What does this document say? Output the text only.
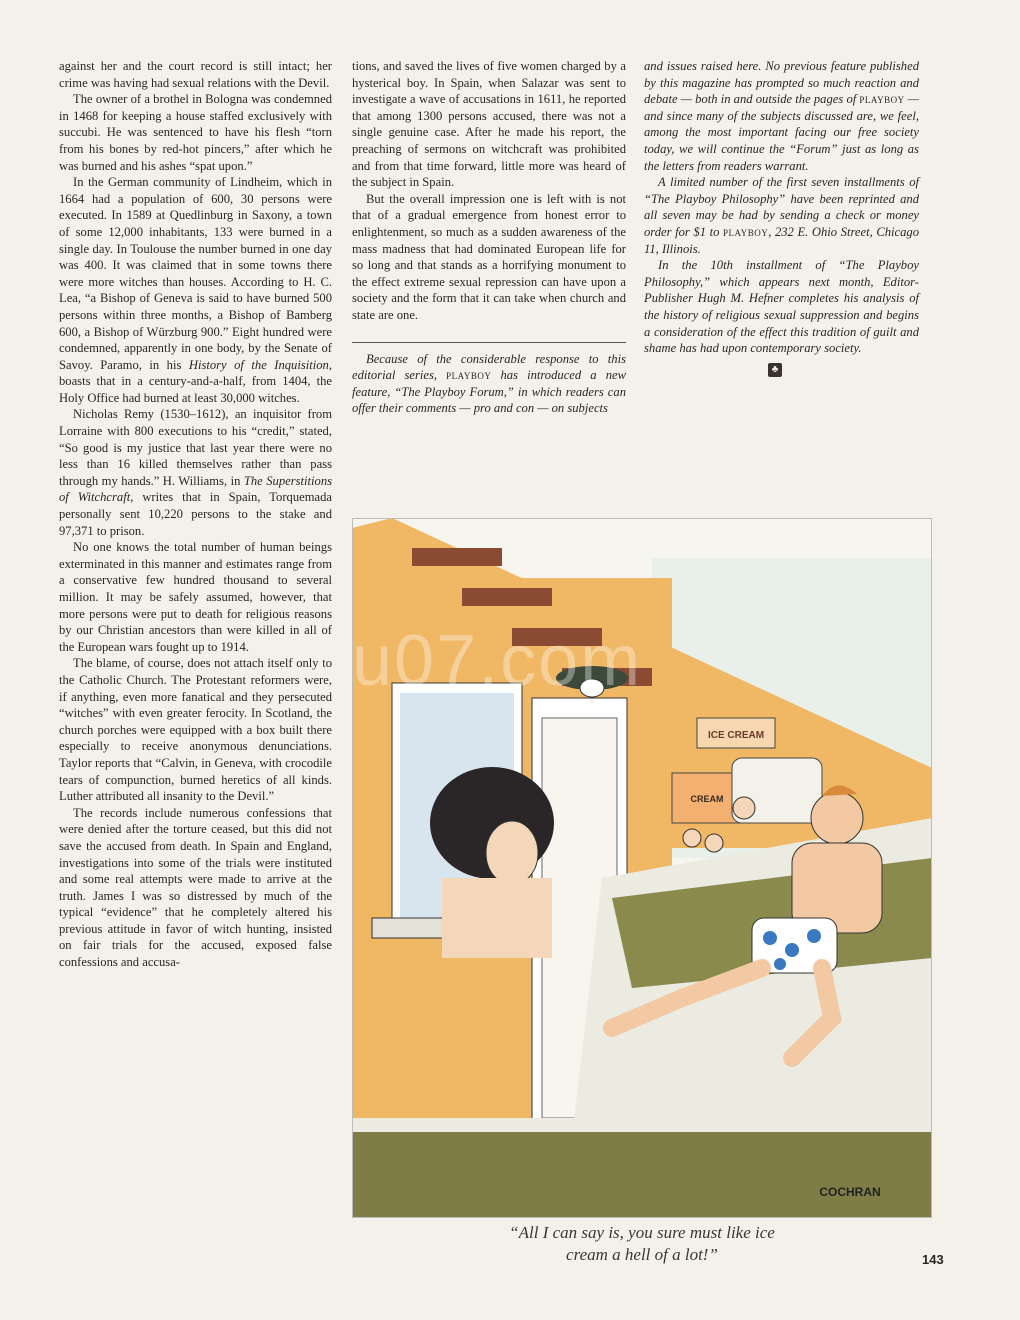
against her and the court record is still intact; her crime was having had sexual relations with the Devil.

The owner of a brothel in Bologna was condemned in 1468 for keeping a house staffed exclusively with succubi. He was sentenced to have his flesh “torn from his bones by red-hot pincers,” after which he was burned and his ashes “spat upon.”

In the German community of Lindheim, which in 1664 had a population of 600, 30 persons were executed. In 1589 at Quedlinburg in Saxony, a town of some 12,000 inhabitants, 133 were burned in a single day. In Toulouse the number burned in one day was 400. It was claimed that in some towns there were more witches than houses. According to H. C. Lea, “a Bishop of Geneva is said to have burned 500 persons within three months, a Bishop of Bamberg 600, a Bishop of Würzburg 900.” Eight hundred were condemned, apparently in one body, by the Senate of Savoy. Paramo, in his History of the Inquisition, boasts that in a century-and-a-half, from 1404, the Holy Office had burned at least 30,000 witches.

Nicholas Remy (1530–1612), an inquisitor from Lorraine with 800 executions to his “credit,” stated, “So good is my justice that last year there were no less than 16 killed themselves rather than pass through my hands.” H. Williams, in The Superstitions of Witchcraft, writes that in Spain, Torquemada personally sent 10,220 persons to the stake and 97,371 to prison.

No one knows the total number of human beings exterminated in this manner and estimates range from a conservative few hundred thousand to several million. It may be safely assumed, however, that more persons were put to death for religious reasons by our Christian ancestors than were killed in all of the European wars fought up to 1914.

The blame, of course, does not attach itself only to the Catholic Church. The Protestant reformers were, if anything, even more fanatical and they persecuted “witches” with even greater ferocity. In Scotland, the church porches were equipped with a box built there especially to receive anonymous denunciations. Taylor reports that “Calvin, in Geneva, with crocodile tears of compunction, burned heretics of all kinds. Luther attributed all insanity to the Devil.”

The records include numerous confessions that were denied after the torture ceased, but this did not save the accused from death. In Spain and England, investigations into some of the trials were instituted and some real attempts were made to arrive at the truth. James I was so distressed by much of the typical “evidence” that he completely altered his previous attitude in favor of witch hunting, insisted on fair trials for the accused, exposed false confessions and accusa-

tions, and saved the lives of five women charged by a hysterical boy. In Spain, when Salazar was sent to investigate a wave of accusations in 1611, he reported that among 1300 persons accused, there was not a single genuine case. After he made his report, the preaching of sermons on witchcraft was prohibited and from that time forward, little more was heard of the subject in Spain.

But the overall impression one is left with is not that of a gradual emergence from honest error to enlightenment, so much as a sudden awareness of the mass madness that had dominated European life for so long and that stands as a horrifying monument to the effect extreme sexual repression can have upon a society and the form that it can take when church and state are one.

Because of the considerable response to this editorial series, playboy has introduced a new feature, “The Playboy Forum,” in which readers can offer their comments — pro and con — on subjects

and issues raised here. No previous feature published by this magazine has prompted so much reaction and debate — both in and outside the pages of playboy — and since many of the subjects discussed are, we feel, among the most important facing our free society today, we will continue the “Forum” just as long as the letters from readers warrant.

A limited number of the first seven installments of “The Playboy Philosophy” have been reprinted and all seven may be had by sending a check or money order for $1 to playboy, 232 E. Ohio Street, Chicago 11, Illinois.

In the 10th installment of “The Playboy Philosophy,” which appears next month, Editor-Publisher Hugh M. Hefner completes his analysis of the history of religious sexual suppression and begins a consideration of the effect this tradition of guilt and shame has had upon contemporary society.

♣
ICE CREAM
CREAM
COCHRAN
u07.com
“All I can say is, you sure must like ice
cream a hell of a lot!”	143
